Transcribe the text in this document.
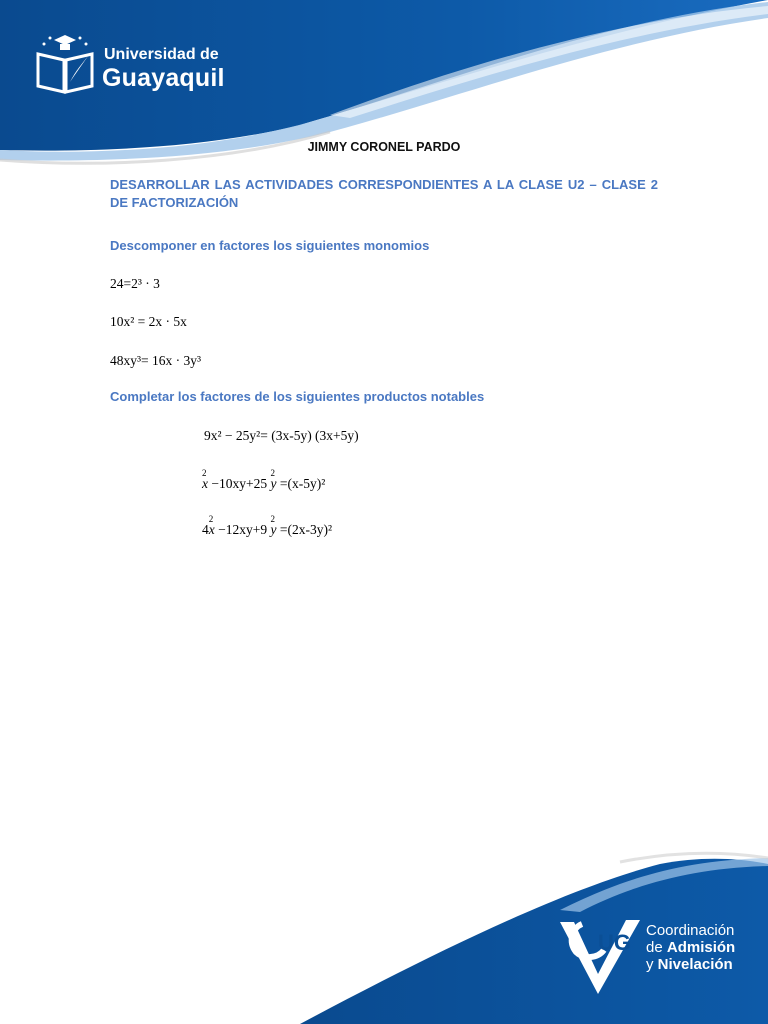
Universidad de
Guayaquil
JIMMY CORONEL PARDO
DESARROLLAR LAS ACTIVIDADES CORRESPONDIENTES A LA CLASE U2 – CLASE 2 DE FACTORIZACIÓN
Descomponer en factores los siguientes monomios
24=2³ · 3
10x² = 2x · 5x
48xy³= 16x · 3y³
Completar los factores de los siguientes productos notables
9x² − 25y²= (3x-5y) (3x+5y)
x2 −10xy+25 y2 =(x-5y)²
4x2 −12xy+9 y2 =(2x-3y)²
UG Coordinación
de Admisión
y Nivelación
